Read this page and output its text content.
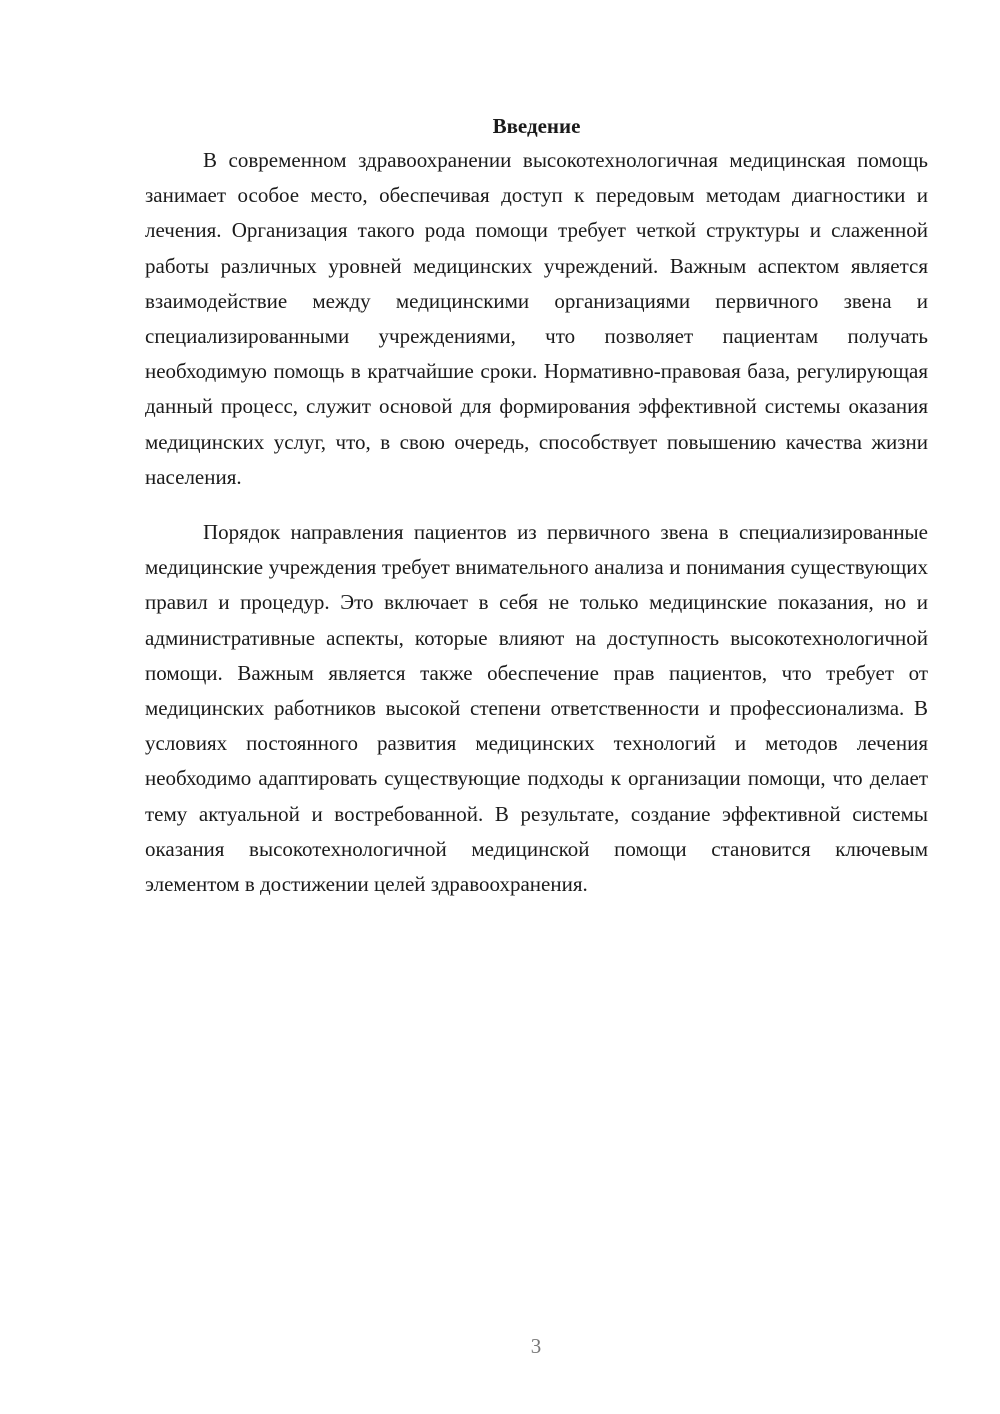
Введение

В современном здравоохранении высокотехнологичная медицинская помощь занимает особое место, обеспечивая доступ к передовым методам диагностики и лечения. Организация такого рода помощи требует четкой структуры и слаженной работы различных уровней медицинских учреждений. Важным аспектом является взаимодействие между медицинскими организациями первичного звена и специализированными учреждениями, что позволяет пациентам получать необходимую помощь в кратчайшие сроки. Нормативно-правовая база, регулирующая данный процесс, служит основой для формирования эффективной системы оказания медицинских услуг, что, в свою очередь, способствует повышению качества жизни населения.

Порядок направления пациентов из первичного звена в специализированные медицинские учреждения требует внимательного анализа и понимания существующих правил и процедур. Это включает в себя не только медицинские показания, но и административные аспекты, которые влияют на доступность высокотехнологичной помощи. Важным является также обеспечение прав пациентов, что требует от медицинских работников высокой степени ответственности и профессионализма. В условиях постоянного развития медицинских технологий и методов лечения необходимо адаптировать существующие подходы к организации помощи, что делает тему актуальной и востребованной. В результате, создание эффективной системы оказания высокотехнологичной медицинской помощи становится ключевым элементом в достижении целей здравоохранения.

3
